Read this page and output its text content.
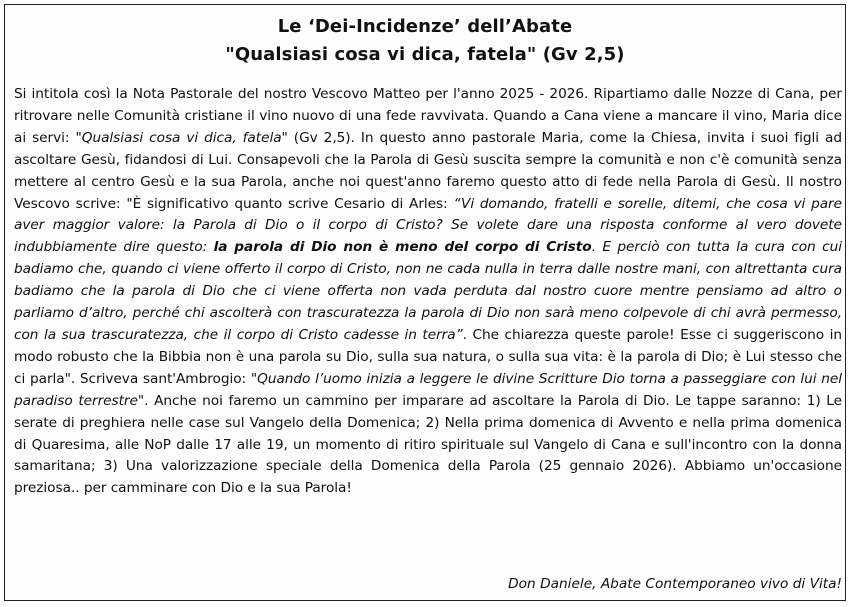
Le ‘Dei-Incidenze’ dell’Abate
"Qualsiasi cosa vi dica, fatela" (Gv 2,5)
Si intitola così la Nota Pastorale del nostro Vescovo Matteo per l'anno 2025 - 2026. Ripartiamo dalle Nozze di Cana, per ritrovare nelle Comunità cristiane il vino nuovo di una fede ravvivata. Quando a Cana viene a mancare il vino, Maria dice ai servi: "Qualsiasi cosa vi dica, fatela" (Gv 2,5). In questo anno pastorale Maria, come la Chiesa, invita i suoi figli ad ascoltare Gesù, fidandosi di Lui. Consapevoli che la Parola di Gesù suscita sempre la comunità e non c'è comunità senza mettere al centro Gesù e la sua Parola, anche noi quest'anno faremo questo atto di fede nella Parola di Gesù. Il nostro Vescovo scrive: "È significativo quanto scrive Cesario di Arles: “Vi domando, fratelli e sorelle, ditemi, che cosa vi pare aver maggior valore: la Parola di Dio o il corpo di Cristo? Se volete dare una risposta conforme al vero dovete indubbiamente dire questo: la parola di Dio non è meno del corpo di Cristo. E perciò con tutta la cura con cui badiamo che, quando ci viene offerto il corpo di Cristo, non ne cada nulla in terra dalle nostre mani, con altrettanta cura badiamo che la parola di Dio che ci viene offerta non vada perduta dal nostro cuore mentre pensiamo ad altro o parliamo d’altro, perché chi ascolterà con trascuratezza la parola di Dio non sarà meno colpevole di chi avrà permesso, con la sua trascuratezza, che il corpo di Cristo cadesse in terra”. Che chiarezza queste parole! Esse ci suggeriscono in modo robusto che la Bibbia non è una parola su Dio, sulla sua natura, o sulla sua vita: è la parola di Dio; è Lui stesso che ci parla". Scriveva sant'Ambrogio: "Quando l’uomo inizia a leggere le divine Scritture Dio torna a passeggiare con lui nel paradiso terrestre". Anche noi faremo un cammino per imparare ad ascoltare la Parola di Dio. Le tappe saranno: 1) Le serate di preghiera nelle case sul Vangelo della Domenica; 2) Nella prima domenica di Avvento e nella prima domenica di Quaresima, alle NoP dalle 17 alle 19, un momento di ritiro spirituale sul Vangelo di Cana e sull'incontro con la donna samaritana; 3) Una valorizzazione speciale della Domenica della Parola (25 gennaio 2026). Abbiamo un'occasione preziosa.. per camminare con Dio e la sua Parola!
Don Daniele, Abate Contemporaneo vivo di Vita!
